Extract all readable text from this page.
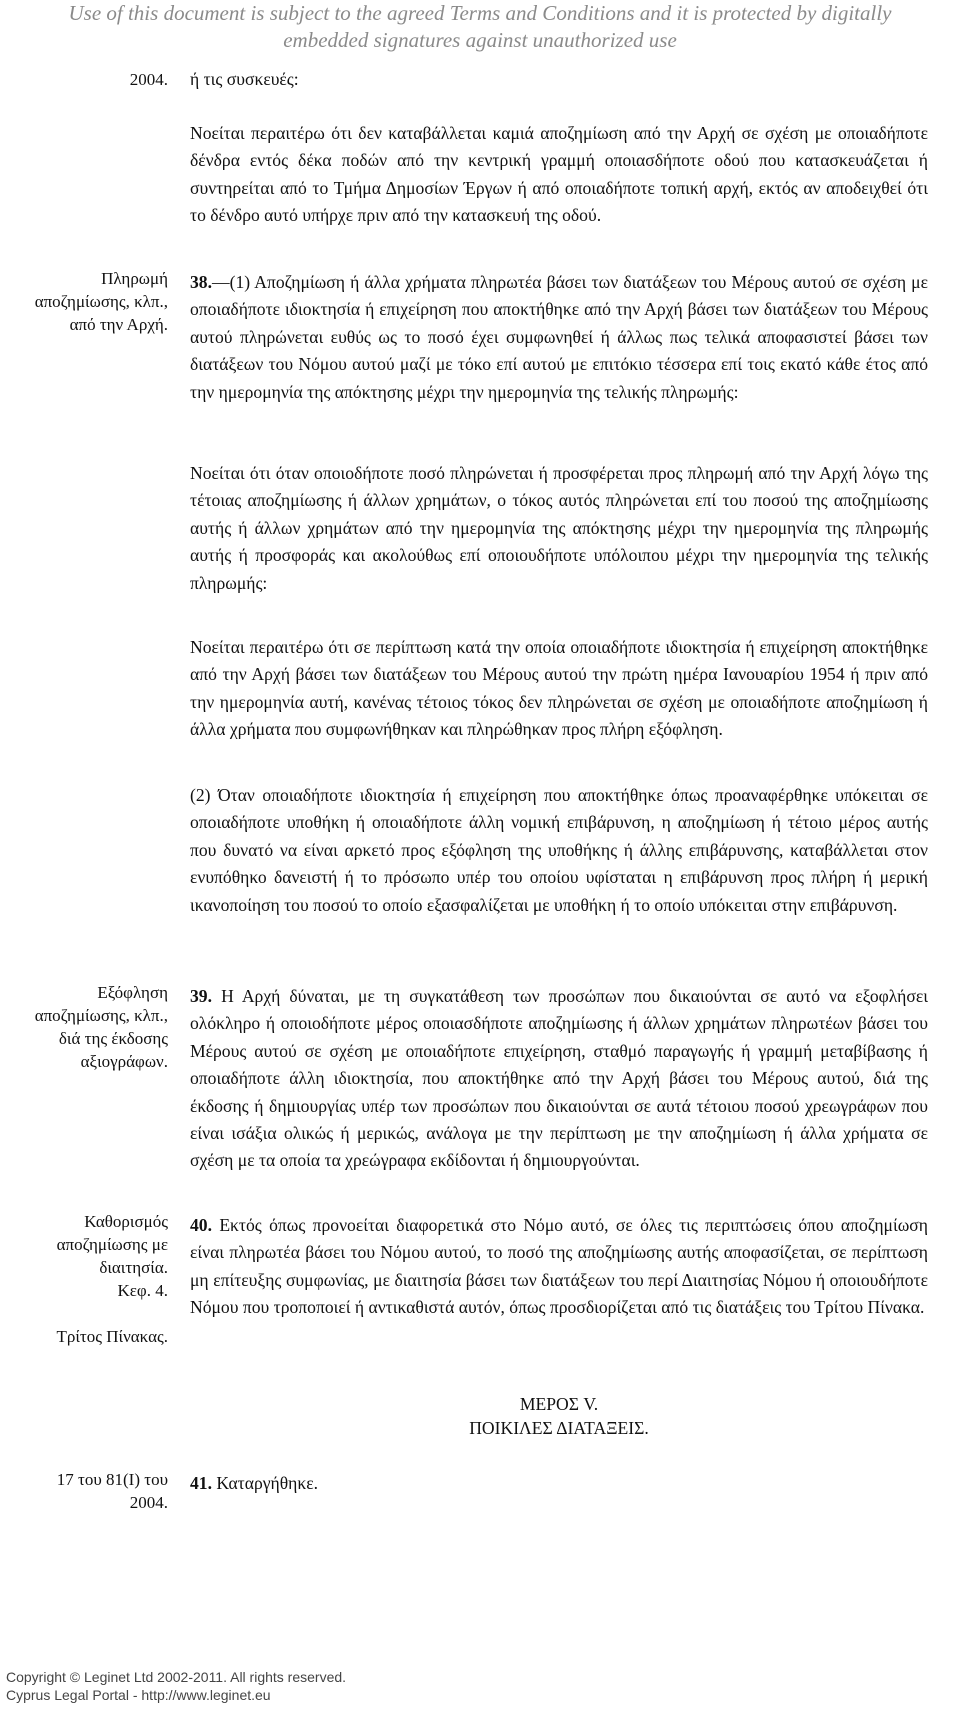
Use of this document is subject to the agreed Terms and Conditions and it is protected by digitally
embedded signatures against unauthorized use
2004. ή τις συσκευές:
Νοείται περαιτέρω ότι δεν καταβάλλεται καμιά αποζημίωση από την Αρχή σε σχέση με οποιαδήποτε δένδρα εντός δέκα ποδών από την κεντρική γραμμή οποιασδήποτε οδού που κατασκευάζεται ή συντηρείται από το Τμήμα Δημοσίων Έργων ή από οποιαδήποτε τοπική αρχή, εκτός αν αποδειχθεί ότι το δένδρο αυτό υπήρχε πριν από την κατασκευή της οδού.
Πληρωμή
αποζημίωσης, κλπ.,
από την Αρχή.
38.—(1) Αποζημίωση ή άλλα χρήματα πληρωτέα βάσει των διατάξεων του Μέρους αυτού σε σχέση με οποιαδήποτε ιδιοκτησία ή επιχείρηση που αποκτήθηκε από την Αρχή βάσει των διατάξεων του Μέρους αυτού πληρώνεται ευθύς ως το ποσό έχει συμφωνηθεί ή άλλως πως τελικά αποφασιστεί βάσει των διατάξεων του Νόμου αυτού μαζί με τόκο επί αυτού με επιτόκιο τέσσερα επί τοις εκατό κάθε έτος από την ημερομηνία της απόκτησης μέχρι την ημερομηνία της τελικής πληρωμής:
Νοείται ότι όταν οποιοδήποτε ποσό πληρώνεται ή προσφέρεται προς πληρωμή από την Αρχή λόγω της τέτοιας αποζημίωσης ή άλλων χρημάτων, ο τόκος αυτός πληρώνεται επί του ποσού της αποζημίωσης αυτής ή άλλων χρημάτων από την ημερομηνία της απόκτησης μέχρι την ημερομηνία της πληρωμής αυτής ή προσφοράς και ακολούθως επί οποιουδήποτε υπόλοιπου μέχρι την ημερομηνία της τελικής πληρωμής:
Νοείται περαιτέρω ότι σε περίπτωση κατά την οποία οποιαδήποτε ιδιοκτησία ή επιχείρηση αποκτήθηκε από την Αρχή βάσει των διατάξεων του Μέρους αυτού την πρώτη ημέρα Ιανουαρίου 1954 ή πριν από την ημερομηνία αυτή, κανένας τέτοιος τόκος δεν πληρώνεται σε σχέση με οποιαδήποτε αποζημίωση ή άλλα χρήματα που συμφωνήθηκαν και πληρώθηκαν προς πλήρη εξόφληση.
(2) Όταν οποιαδήποτε ιδιοκτησία ή επιχείρηση που αποκτήθηκε όπως προαναφέρθηκε υπόκειται σε οποιαδήποτε υποθήκη ή οποιαδήποτε άλλη νομική επιβάρυνση, η αποζημίωση ή τέτοιο μέρος αυτής που δυνατό να είναι αρκετό προς εξόφληση της υποθήκης ή άλλης επιβάρυνσης, καταβάλλεται στον ενυπόθηκο δανειστή ή το πρόσωπο υπέρ του οποίου υφίσταται η επιβάρυνση προς πλήρη ή μερική ικανοποίηση του ποσού το οποίο εξασφαλίζεται με υποθήκη ή το οποίο υπόκειται στην επιβάρυνση.
Εξόφληση
αποζημίωσης, κλπ.,
διά της έκδοσης
αξιογράφων.
39. Η Αρχή δύναται, με τη συγκατάθεση των προσώπων που δικαιούνται σε αυτό να εξοφλήσει ολόκληρο ή οποιοδήποτε μέρος οποιασδήποτε αποζημίωσης ή άλλων χρημάτων πληρωτέων βάσει του Μέρους αυτού σε σχέση με οποιαδήποτε επιχείρηση, σταθμό παραγωγής ή γραμμή μεταβίβασης ή οποιαδήποτε άλλη ιδιοκτησία, που αποκτήθηκε από την Αρχή βάσει του Μέρους αυτού, διά της έκδοσης ή δημιουργίας υπέρ των προσώπων που δικαιούνται σε αυτά τέτοιου ποσού χρεωγράφων που είναι ισάξια ολικώς ή μερικώς, ανάλογα με την περίπτωση με την αποζημίωση ή άλλα χρήματα σε σχέση με τα οποία τα χρεώγραφα εκδίδονται ή δημιουργούνται.
Καθορισμός
αποζημίωσης με
διαιτησία.
Κεφ. 4.
Τρίτος Πίνακας.
40. Εκτός όπως προνοείται διαφορετικά στο Νόμο αυτό, σε όλες τις περιπτώσεις όπου αποζημίωση είναι πληρωτέα βάσει του Νόμου αυτού, το ποσό της αποζημίωσης αυτής αποφασίζεται, σε περίπτωση μη επίτευξης συμφωνίας, με διαιτησία βάσει των διατάξεων του περί Διαιτησίας Νόμου ή οποιουδήποτε Νόμου που τροποποιεί ή αντικαθιστά αυτόν, όπως προσδιορίζεται από τις διατάξεις του Τρίτου Πίνακα.
ΜΕΡΟΣ V.
ΠΟΙΚΙΛΕΣ ΔΙΑΤΑΞΕΙΣ.
17 του 81(Ι) του
2004.
41. Καταργήθηκε.
Copyright © Leginet Ltd 2002-2011. All rights reserved.
Cyprus Legal Portal - http://www.leginet.eu
